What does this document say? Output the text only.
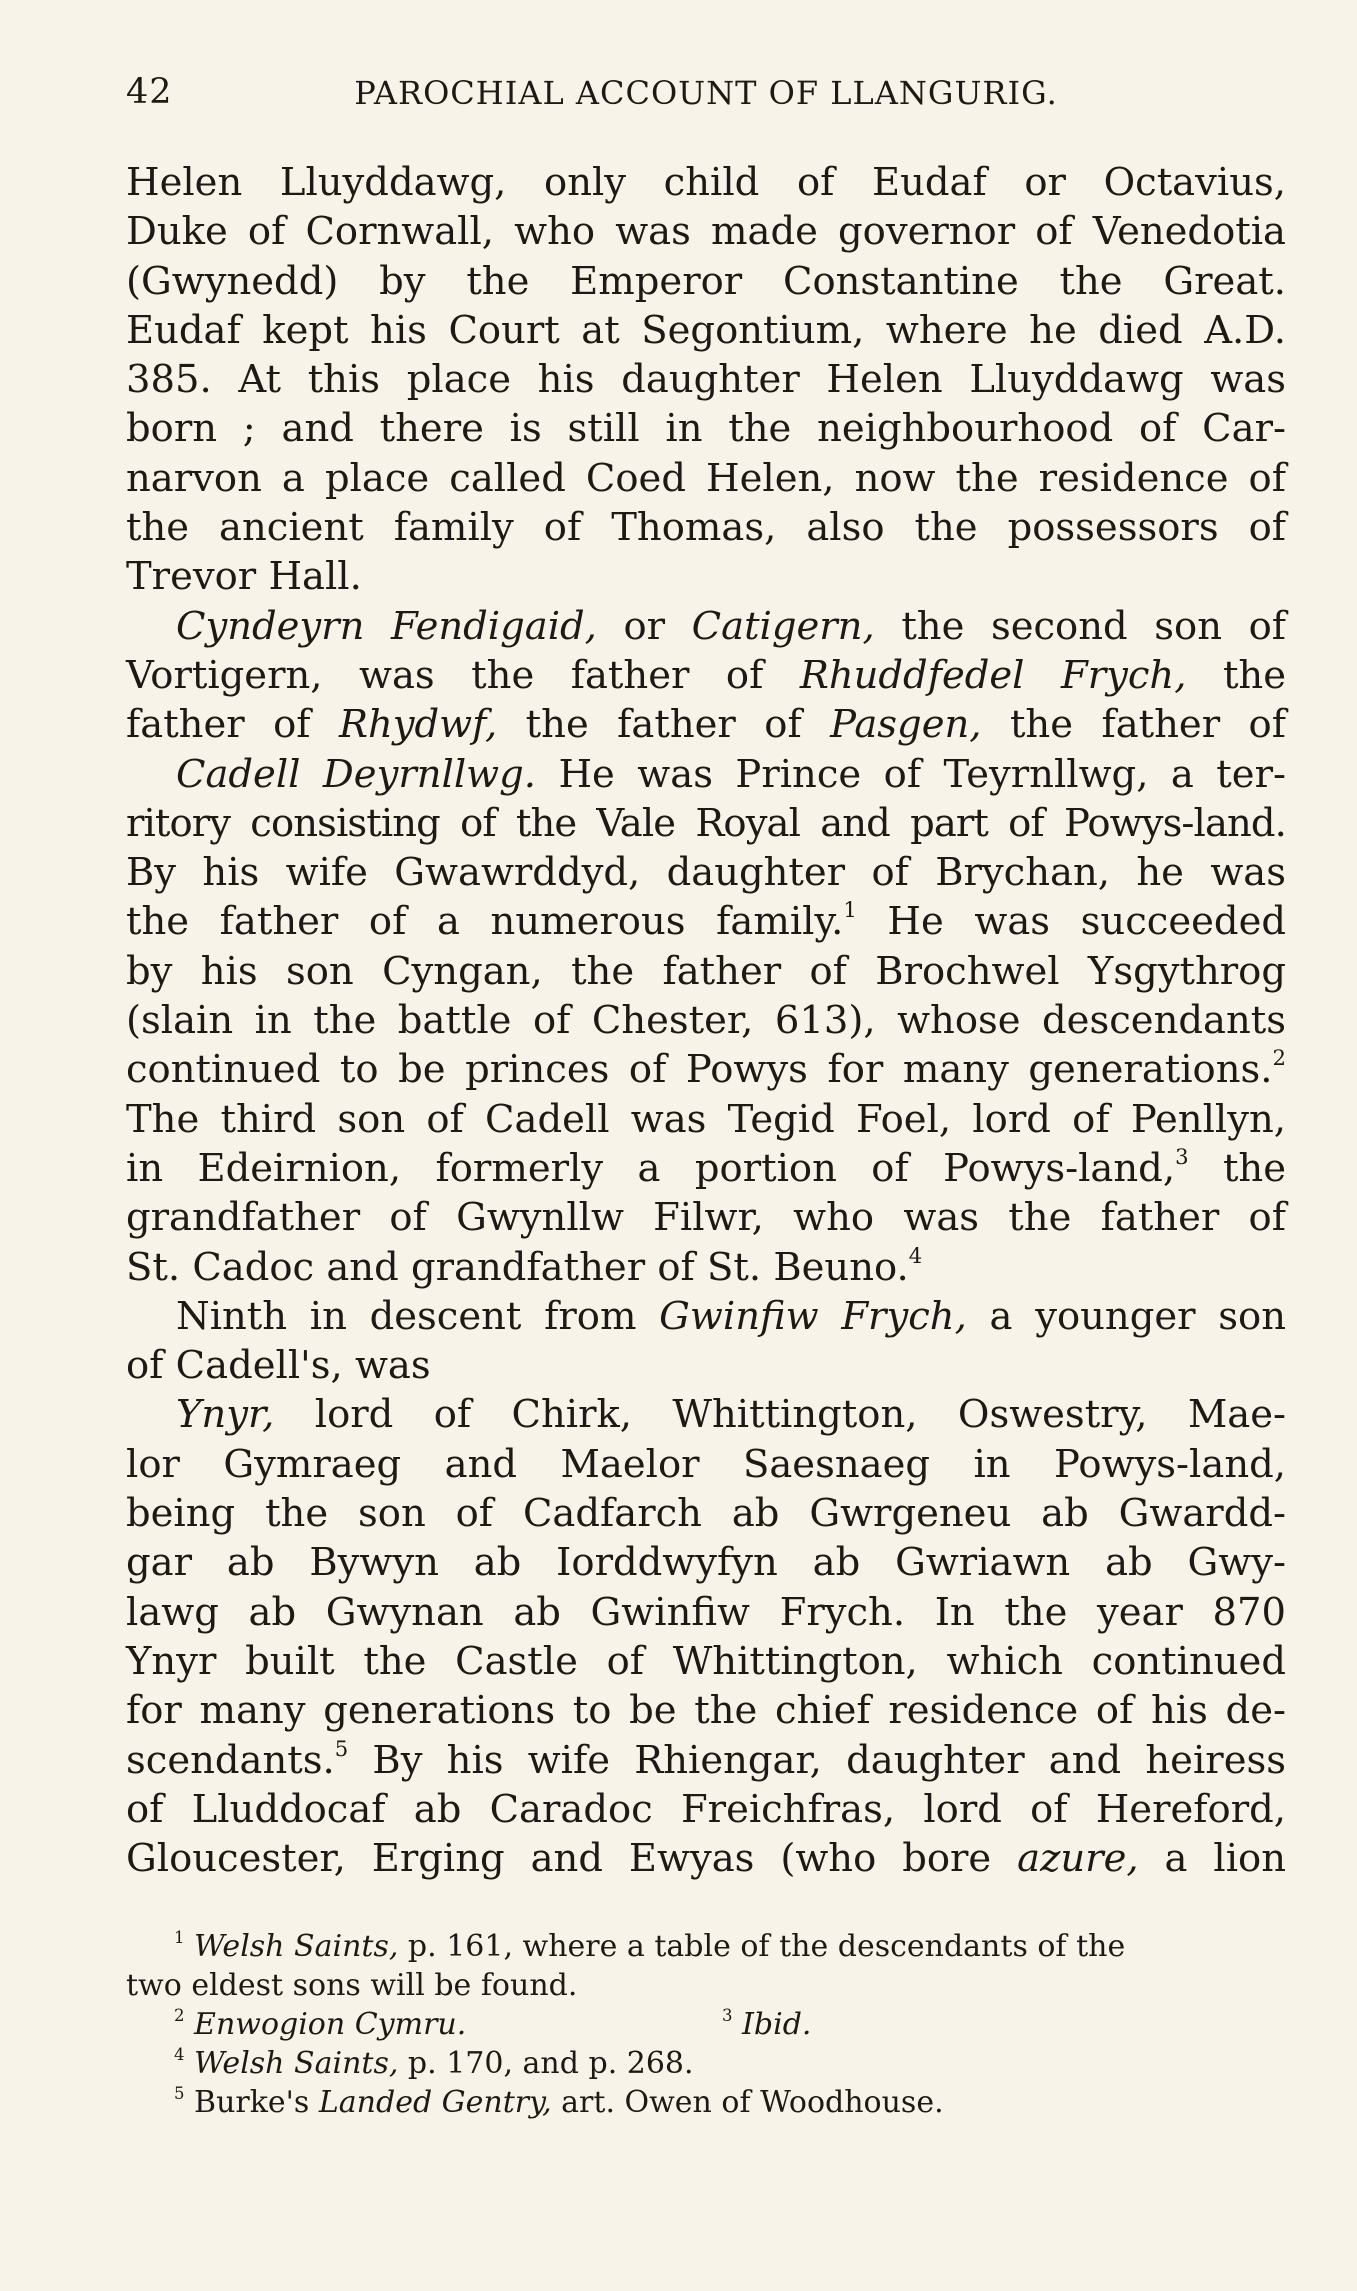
42	PAROCHIAL ACCOUNT OF LLANGURIG.
Helen Lluyddawg, only child of Eudaf or Octavius,
Duke of Cornwall, who was made governor of Venedotia
(Gwynedd) by the Emperor Constantine the Great.
Eudaf kept his Court at Segontium, where he died A.D.
385. At this place his daughter Helen Lluyddawg was
born ; and there is still in the neighbourhood of Car-
narvon a place called Coed Helen, now the residence of
the ancient family of Thomas, also the possessors of
Trevor Hall.
Cyndeyrn Fendigaid, or Catigern, the second son of
Vortigern, was the father of Rhuddfedel Frych, the
father of Rhydwf, the father of Pasgen, the father of
Cadell Deyrnllwg. He was Prince of Teyrnllwg, a ter-
ritory consisting of the Vale Royal and part of Powys-land.
By his wife Gwawrddyd, daughter of Brychan, he was
the father of a numerous family.$^1$ He was succeeded
by his son Cyngan, the father of Brochwel Ysgythrog
(slain in the battle of Chester, 613), whose descendants
continued to be princes of Powys for many generations.$^2$
The third son of Cadell was Tegid Foel, lord of Penllyn,
in Edeirnion, formerly a portion of Powys-land,$^3$ the
grandfather of Gwynllw Filwr, who was the father of
St. Cadoc and grandfather of St. Beuno.$^4$
Ninth in descent from Gwinfiw Frych, a younger son
of Cadell's, was
Ynyr, lord of Chirk, Whittington, Oswestry, Mae-
lor Gymraeg and Maelor Saesnaeg in Powys-land,
being the son of Cadfarch ab Gwrgeneu ab Gwardd-
gar ab Bywyn ab Iorddwyfyn ab Gwriawn ab Gwy-
lawg ab Gwynan ab Gwinfiw Frych. In the year 870
Ynyr built the Castle of Whittington, which continued
for many generations to be the chief residence of his de-
scendants.$^5$ By his wife Rhiengar, daughter and heiress
of Lluddocaf ab Caradoc Freichfras, lord of Hereford,
Gloucester, Erging and Ewyas (who bore azure, a lion
$^1$ Welsh Saints, p. 161, where a table of the descendants of the
two eldest sons will be found.
$^2$ Enwogion Cymru.	$^3$ Ibid.
$^4$ Welsh Saints, p. 170, and p. 268.
$^5$ Burke's Landed Gentry, art. Owen of Woodhouse.
